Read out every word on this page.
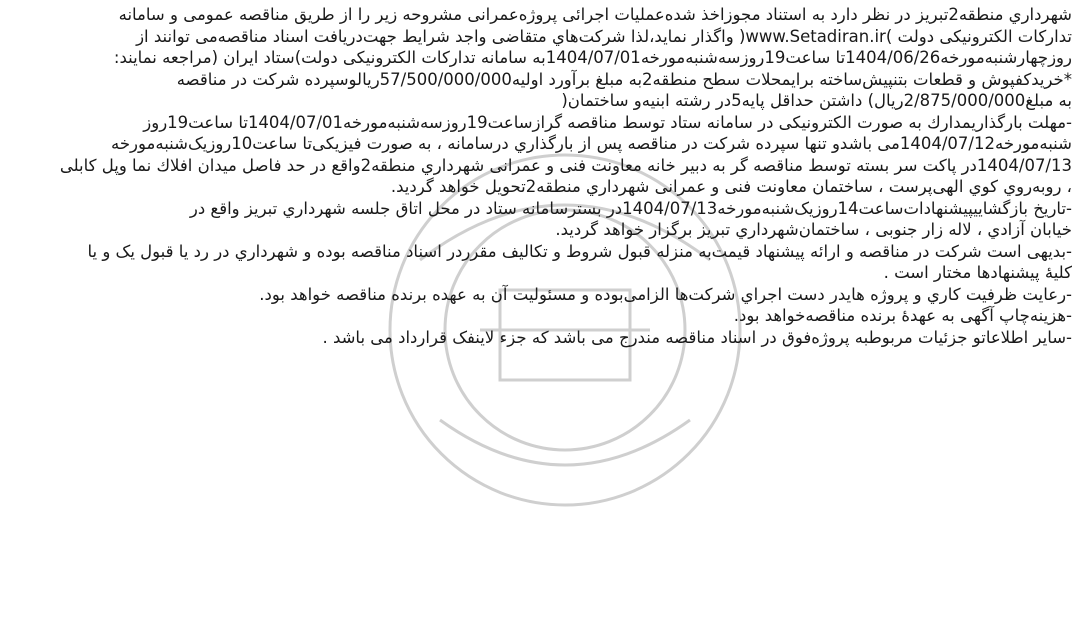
شهرداري منطقه2تبریز در نظر دارد به استناد مجوزاخذ شده‌عملیات اجرائی پروژه‌عمرانی مشروحه زیر را از طریق مناقصه عمومی و سامانه

تدارکات الکترونیکی دولت )www.Setadiran.ir( واگذار نماید،لذا شرکت‌هاي متقاضی واجد شرایط جهت‌دریافت اسناد مناقصه‌می توانند از

روزچهارشنبه‌مورخه1404/06/26تا ساعت19روزسه‌شنبه‌مورخه1404/07/01به سامانه تدارکات الکترونیکی دولت)ستاد ایران (مراجعه نمایند:

*خریدکفپوش و قطعات بتنپیش‌ساخته برايمحلات سطح منطقه2به مبلغ برآورد اولیه57/500/000/000ریالوسپرده شرکت در مناقصه

به مبلغ2/875/000/000ریال) داشتن حداقل پایه5در رشته ابنیه‌و ساختمان(

-مهلت بارگذاريمدارك به صورت الکترونیکی در سامانه ستاد توسط مناقصه گرازساعت19روزسه‌شنبه‌مورخه1404/07/01تا ساعت19روز

شنبه‌مورخه1404/07/12می باشدو تنها سپرده شرکت در مناقصه پس از بارگذاري درسامانه ، به صورت فیزیکی‌تا ساعت10روزیک‌شنبه‌مورخه

1404/07/13در پاکت سر بسته توسط مناقصه گر به دبیر خانه معاونت فنی و عمرانی شهرداري منطقه2واقع در حد فاصل میدان افلاك نما وپل کابلی

، روبه‌روي کوي الهی‌پرست ، ساختمان معاونت فنی و عمرانی شهرداري منطقه2تحویل خواهد گردید.

-تاریخ بازگشاییپیشنهادات‌ساعت14روزیک‌شنبه‌مورخه1404/07/13در بسترسامانه ستاد در محل اتاق جلسه شهرداري تبریز واقع در

خیابان آزادي ، لاله زار جنوبی ، ساختمان‌شهرداري تبریز برگزار خواهد گردید.

-بدیهی است شرکت در مناقصه و ارائه پیشنهاد قیمت‌به منزله قبول شروط و تکالیف مقرردر اسناد مناقصه بوده و شهرداري در رد یا قبول یک و یا

کلیهٔ پیشنهادها مختار است .

-رعایت ظرفیت کاري و پروژه هایدر دست اجراي شرکت‌ها الزامی‌بوده و مسئولیت آن به عهده برنده مناقصه خواهد بود.

-هزینه‌چاپ آگهی به عهدهٔ برنده مناقصه‌خواهد بود.

-سایر اطلاعاتو جزئیات مربوطبه پروژه‌فوق در اسناد مناقصه مندرج می باشد که جزء لاینفک قرارداد می باشد .
